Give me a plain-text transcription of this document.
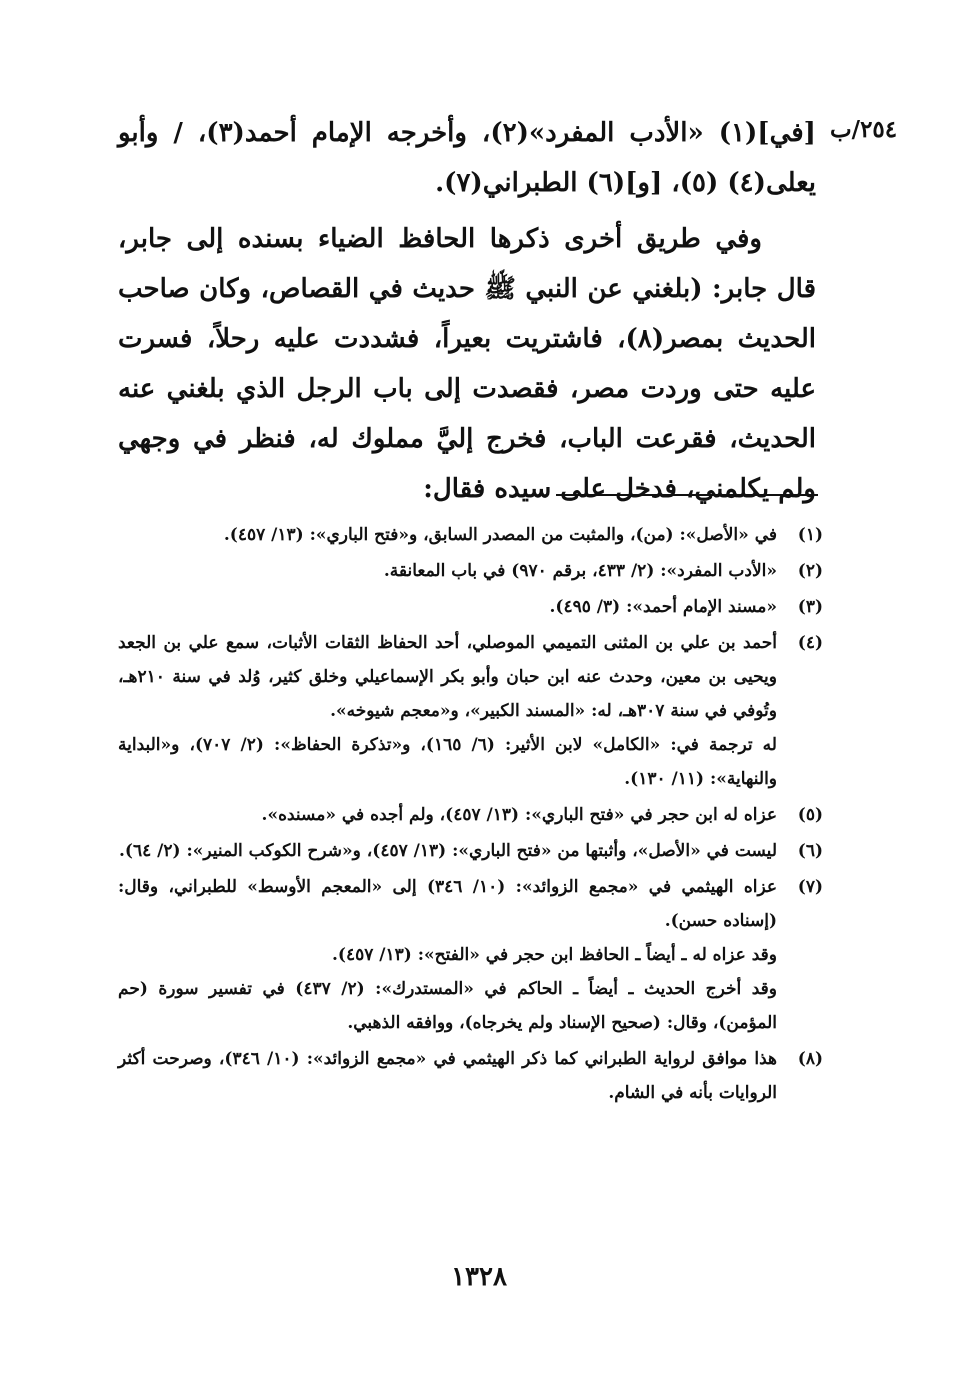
٢٥٤/ب

[في](١) «الأدب المفرد»(٢)، وأخرجه الإمام أحمد(٣)، / وأبو يعلى(٤) (٥)، [و](٦) الطبراني(٧).

وفي طريق أخرى ذكرها الحافظ الضياء بسنده إلى جابر، قال جابر: (بلغني عن النبي ﷺ حديث في القصاص، وكان صاحب الحديث بمصر(٨)، فاشتريت بعيراً، فشددت عليه رحلاً، فسرت عليه حتى وردت مصر، فقصدت إلى باب الرجل الذي بلغني عنه الحديث، فقرعت الباب، فخرج إليَّ مملوك له، فنظر في وجهي ولم يكلمني، فدخل على سيده فقال:

(١)

في «الأصل»: (من)، والمثبت من المصدر السابق، و«فتح الباري»: (١٣/ ٤٥٧).

(٢)

«الأدب المفرد»: (٢/ ٤٣٣، برقم ٩٧٠) في باب المعانقة.

(٣)

«مسند الإمام أحمد»: (٣/ ٤٩٥).

(٤)

أحمد بن علي بن المثنى التميمي الموصلي، أحد الحفاظ الثقات الأثبات، سمع علي بن الجعد ويحيى بن معين، وحدث عنه ابن حبان وأبو بكر الإسماعيلي وخلق كثير، وُلد في سنة ٢١٠هـ، وتُوفي في سنة ٣٠٧هـ، له: «المسند الكبير»، و«معجم شيوخه».

له ترجمة في: «الكامل» لابن الأثير: (٦/ ١٦٥)، و«تذكرة الحفاظ»: (٢/ ٧٠٧)، و«البداية والنهاية»: (١١/ ١٣٠).

(٥)

عزاه له ابن حجر في «فتح الباري»: (١٣/ ٤٥٧)، ولم أجده في «مسنده».

(٦)

ليست في «الأصل»، وأثبتها من «فتح الباري»: (١٣/ ٤٥٧)، و«شرح الكوكب المنير»: (٢/ ٦٤).

(٧)

عزاه الهيثمي في «مجمع الزوائد»: (١٠/ ٣٤٦) إلى «المعجم الأوسط» للطبراني، وقال: (إسناده حسن).

وقد عزاه له ـ أيضاً ـ الحافظ ابن حجر في «الفتح»: (١٣/ ٤٥٧).

وقد أخرج الحديث ـ أيضاً ـ الحاكم في «المستدرك»: (٢/ ٤٣٧) في تفسير سورة (حم المؤمن)، وقال: (صحيح الإسناد ولم يخرجاه)، ووافقه الذهبي.

(٨)

هذا موافق لرواية الطبراني كما ذكر الهيثمي في «مجمع الزوائد»: (١٠/ ٣٤٦)، وصرحت أكثر الروايات بأنه في الشام.

١٣٢٨
